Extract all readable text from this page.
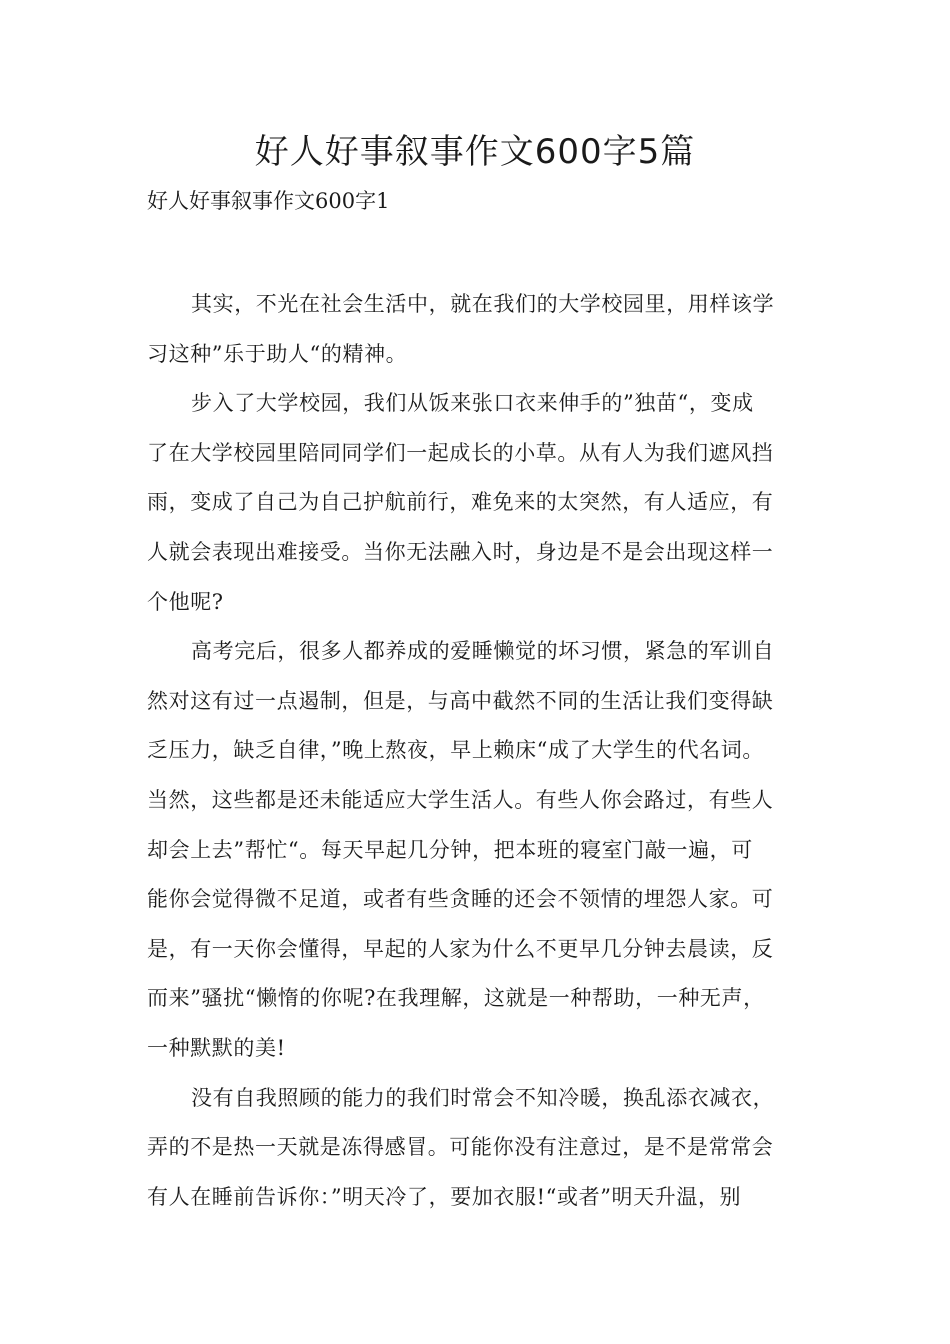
好人好事叙事作文600字5篇
好人好事叙事作文600字1

其实，不光在社会生活中，就在我们的大学校园里，用样该学
习这种”乐于助人“的精神。

步入了大学校园，我们从饭来张口衣来伸手的”独苗“，变成
了在大学校园里陪同同学们一起成长的小草。从有人为我们遮风挡
雨，变成了自己为自己护航前行，难免来的太突然，有人适应，有
人就会表现出难接受。当你无法融入时，身边是不是会出现这样一
个他呢?

高考完后，很多人都养成的爱睡懒觉的坏习惯，紧急的军训自
然对这有过一点遏制，但是，与高中截然不同的生活让我们变得缺
乏压力，缺乏自律，”晚上熬夜，早上赖床“成了大学生的代名词。
当然，这些都是还未能适应大学生活人。有些人你会路过，有些人
却会上去”帮忙“。每天早起几分钟，把本班的寝室门敲一遍，可
能你会觉得微不足道，或者有些贪睡的还会不领情的埋怨人家。可
是，有一天你会懂得，早起的人家为什么不更早几分钟去晨读，反
而来”骚扰“懒惰的你呢?在我理解，这就是一种帮助，一种无声，
一种默默的美!

没有自我照顾的能力的我们时常会不知冷暖，换乱添衣减衣，
弄的不是热一天就是冻得感冒。可能你没有注意过，是不是常常会
有人在睡前告诉你：”明天冷了，要加衣服!“或者”明天升温，别
